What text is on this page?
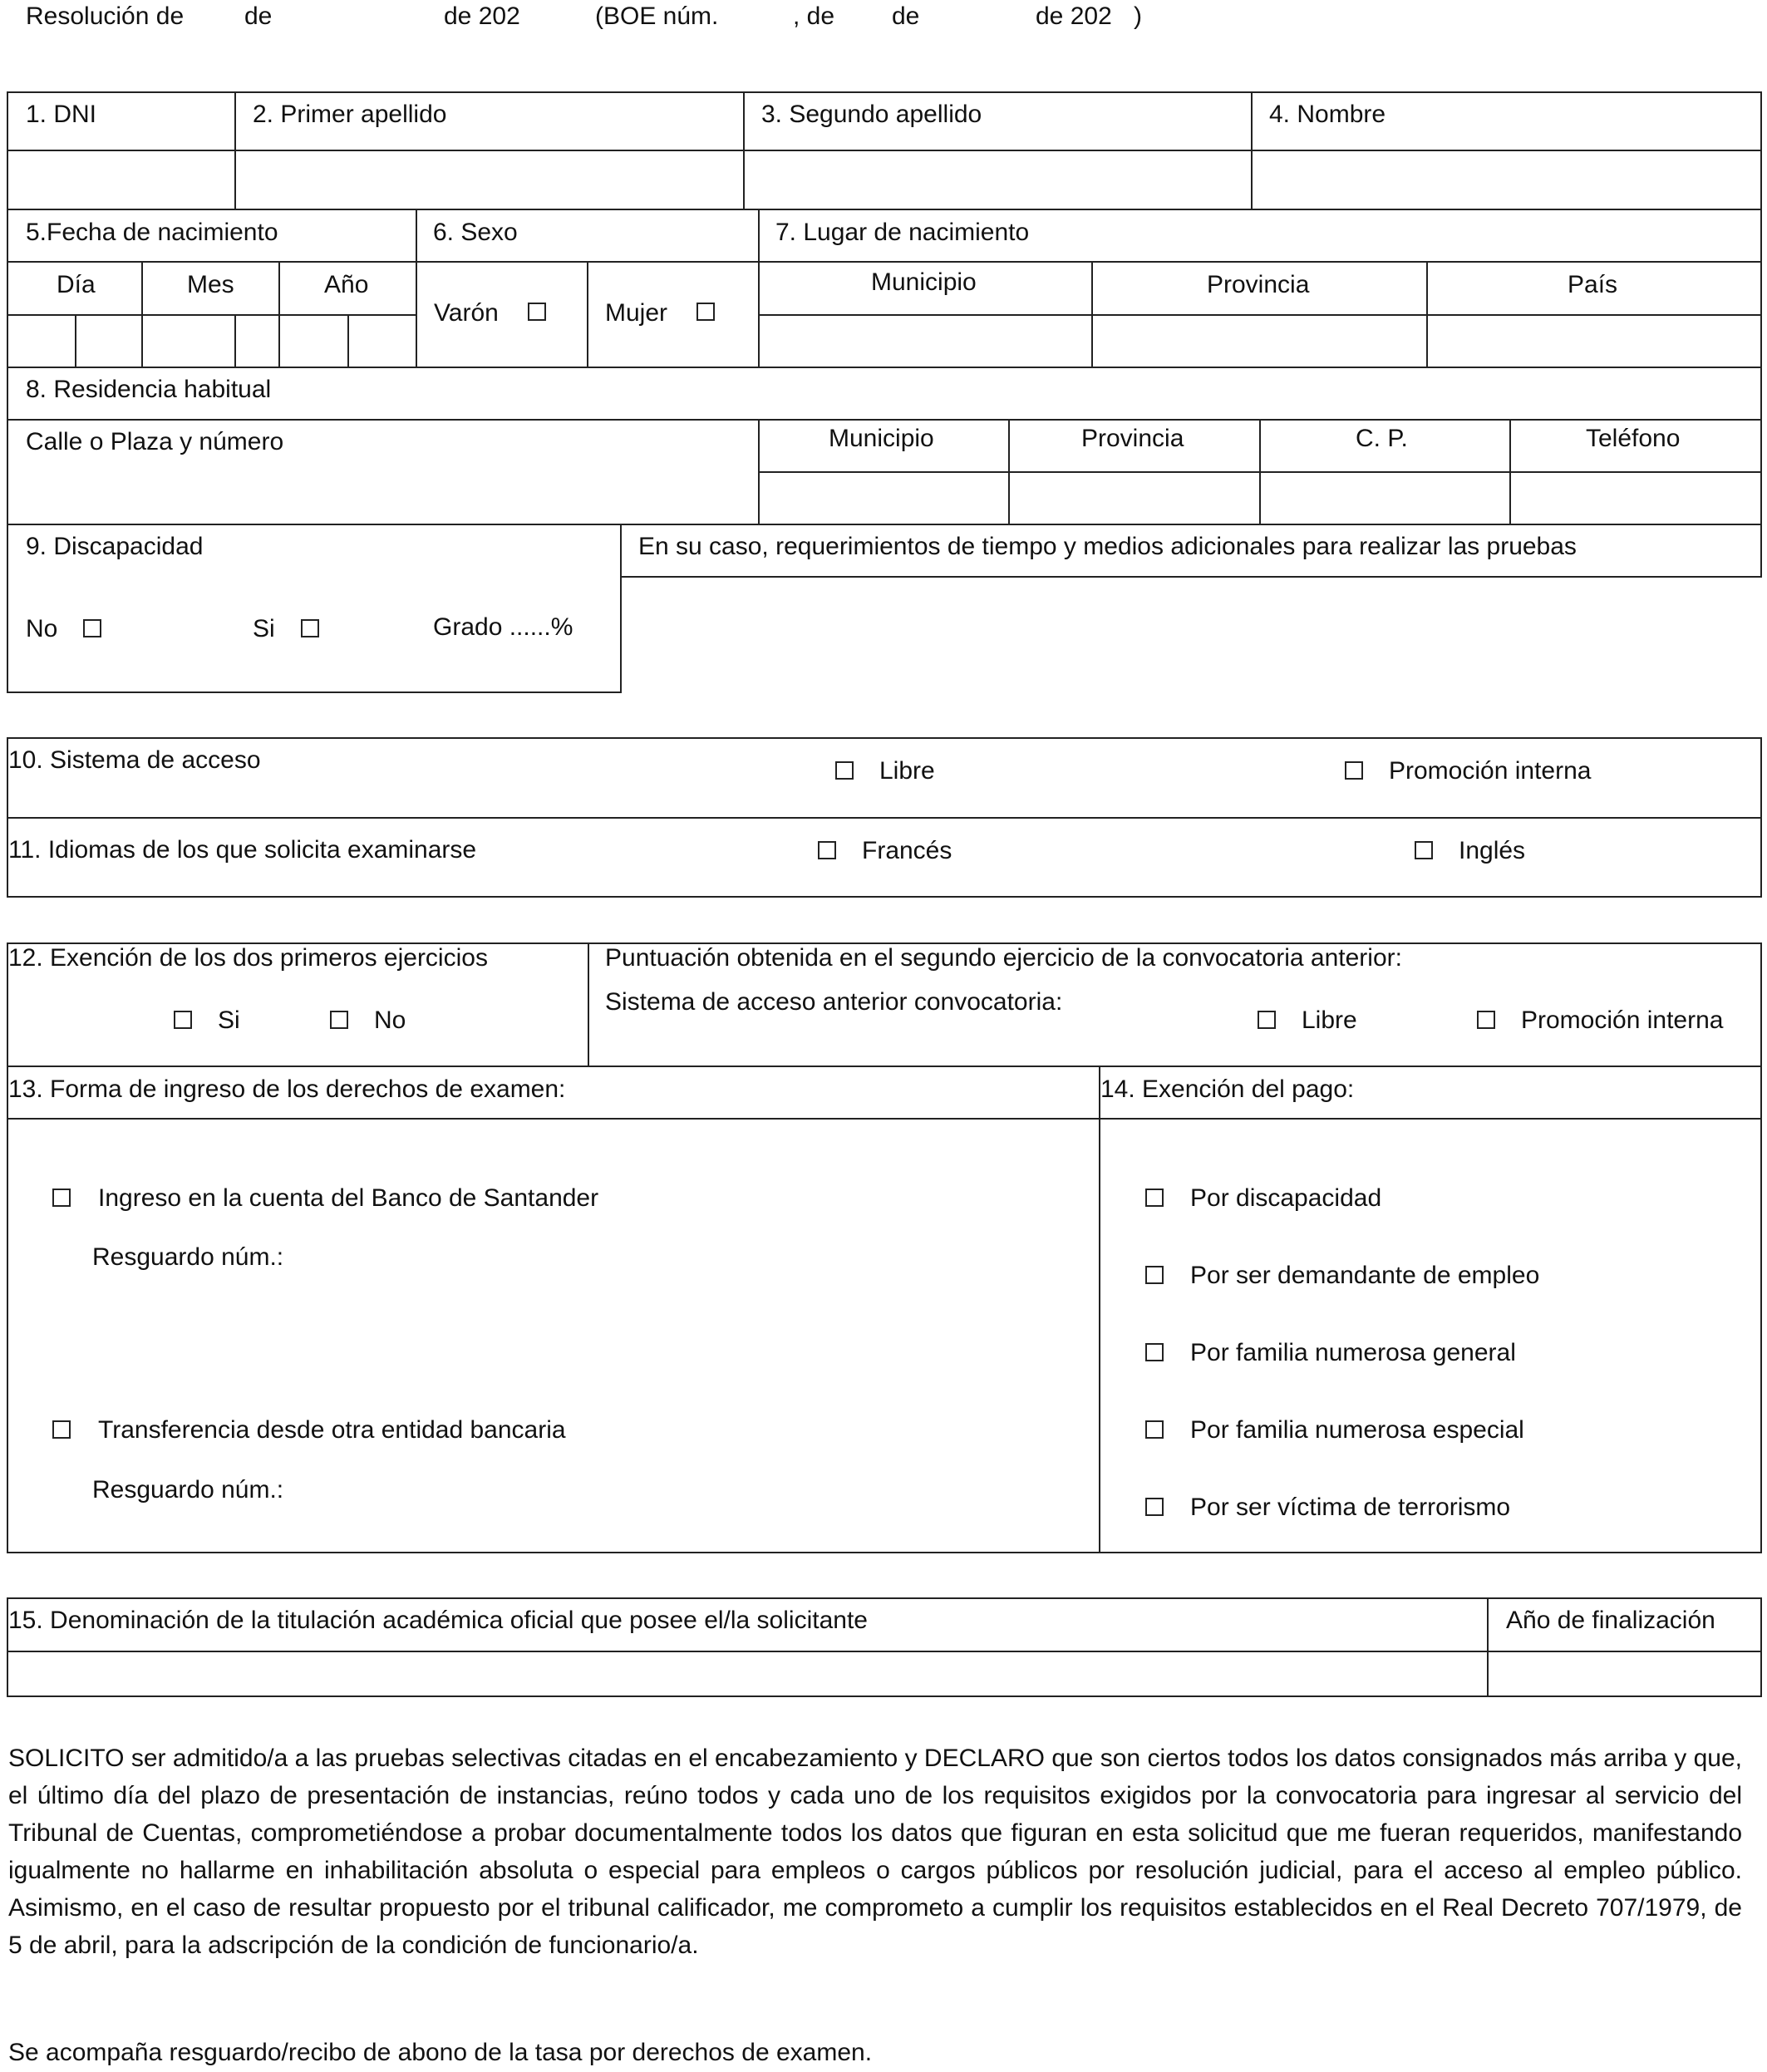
Resolución de de	de 202	(BOE núm.	, de de	de 202 )
1. DNI	2. Primer apellido	3. Segundo apellido	4. Nombre
5.Fecha de nacimiento	6. Sexo	7. Lugar de nacimiento
Día	Mes	Año
Varón	Mujer
Municipio	Provincia	País
8. Residencia habitual
Calle o Plaza y número	Municipio	Provincia	C. P.	Teléfono
9. Discapacidad	En su caso, requerimientos de tiempo y medios adicionales para realizar las pruebas
No	Si	Grado ......%
10. Sistema de acceso	Libre	Promoción interna
11. Idiomas de los que solicita examinarse	Francés	Inglés
12. Exención de los dos primeros ejercicios
Si	No
Puntuación obtenida en el segundo ejercicio de la convocatoria anterior:
Sistema de acceso anterior convocatoria:
Libre	Promoción interna
13. Forma de ingreso de los derechos de examen:
Ingreso en la cuenta del Banco de Santander
Resguardo núm.:
Transferencia desde otra entidad bancaria
Resguardo núm.:
14. Exención del pago:
Por discapacidad
Por ser demandante de empleo
Por familia numerosa general
Por familia numerosa especial
Por ser víctima de terrorismo
15. Denominación de la titulación académica oficial que posee el/la solicitante	Año de finalización
SOLICITO ser admitido/a a las pruebas selectivas citadas en el encabezamiento y DECLARO que son ciertos todos los datos consignados más arriba y que, el último día del plazo de presentación de instancias, reúno todos y cada uno de los requisitos exigidos por la convocatoria para ingresar al servicio del Tribunal de Cuentas, comprometiéndose a probar documentalmente todos los datos que figuran en esta solicitud que me fueran requeridos, manifestando igualmente no hallarme en inhabilitación absoluta o especial para empleos o cargos públicos por resolución judicial, para el acceso al empleo público. Asimismo, en el caso de resultar propuesto por el tribunal calificador, me comprometo a cumplir los requisitos establecidos en el Real Decreto 707/1979, de 5 de abril, para la adscripción de la condición de funcionario/a.
Se acompaña resguardo/recibo de abono de la tasa por derechos de examen.
